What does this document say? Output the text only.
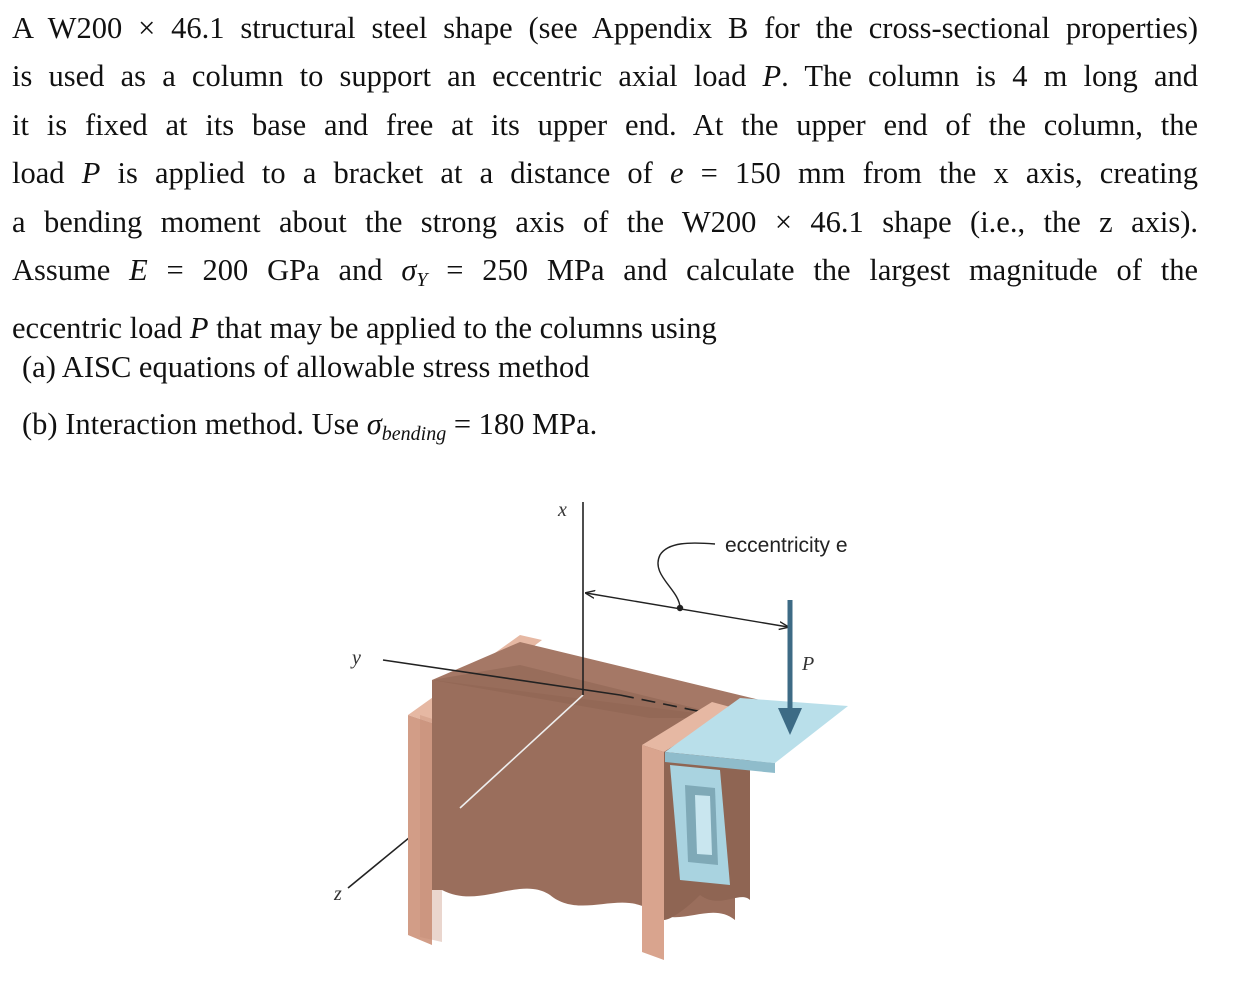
A W200 × 46.1 structural steel shape (see Appendix B for the cross-sectional properties)
is used as a column to support an eccentric axial load P. The column is 4 m long and
it is fixed at its base and free at its upper end. At the upper end of the column, the
load P is applied to a bracket at a distance of e = 150 mm from the x axis, creating
a bending moment about the strong axis of the W200 × 46.1 shape (i.e., the z axis).
Assume E = 200 GPa and $\sigma_Y = 250$ MPa and calculate the largest magnitude of the
eccentric load P that may be applied to the columns using
(a) AISC equations of allowable stress method
(b) Interaction method. Use $\sigma_{bending} = 180$ MPa.
x
y
z
P
eccentricity e
